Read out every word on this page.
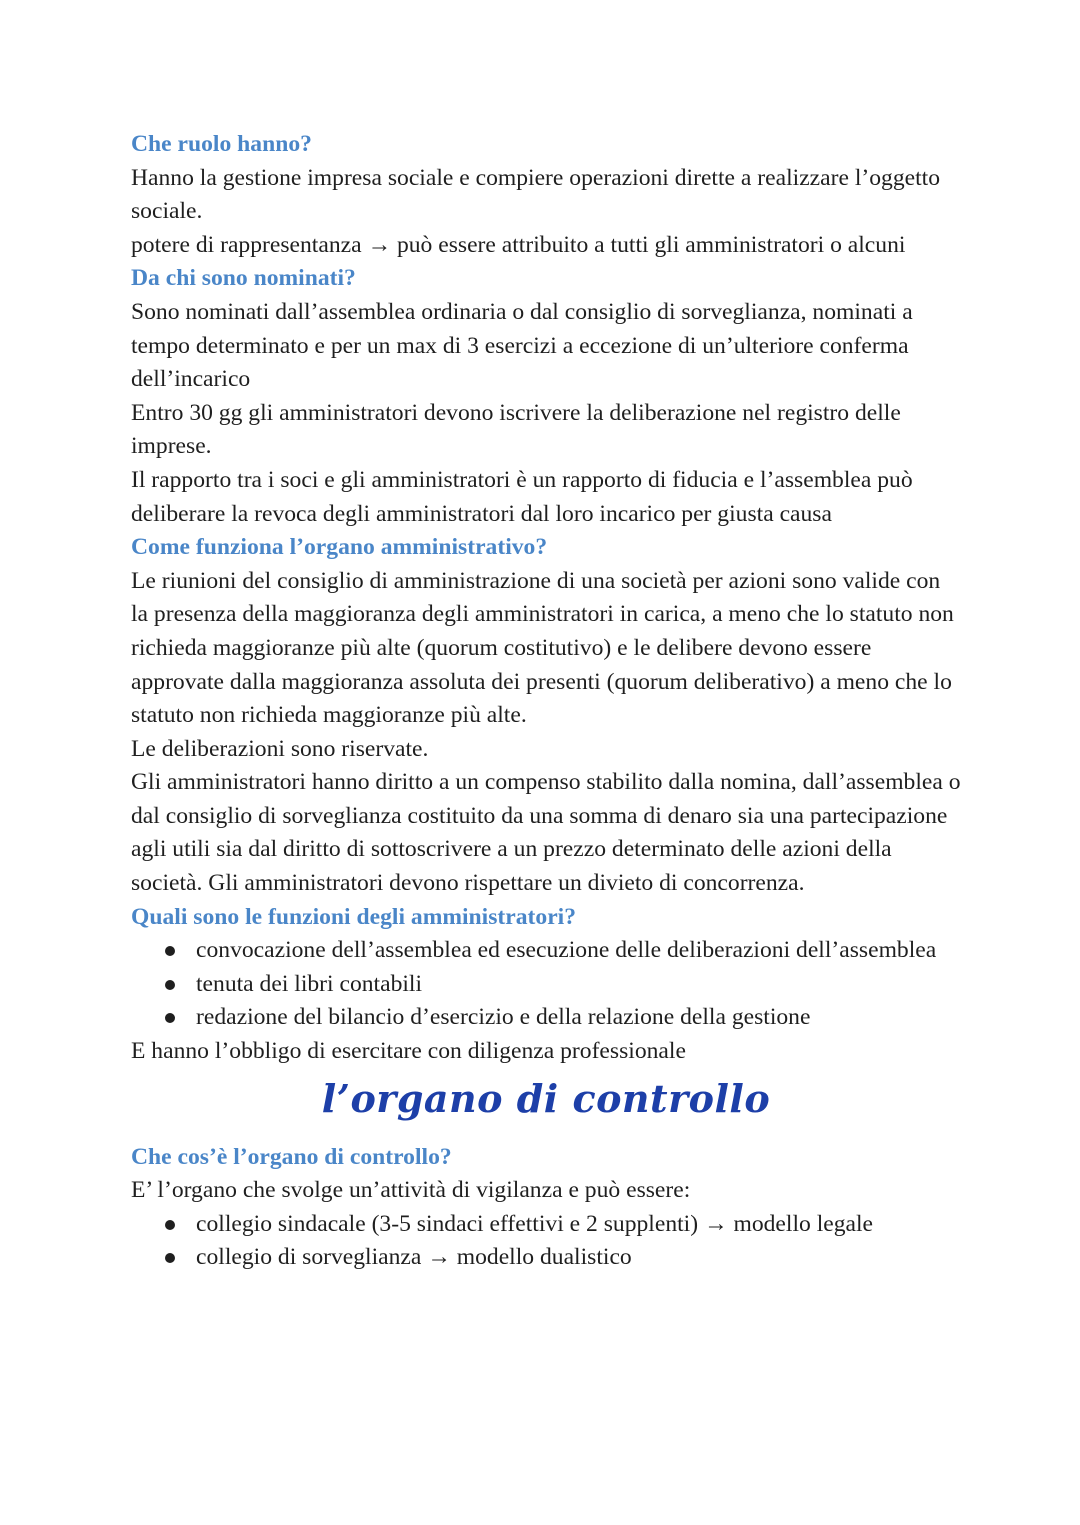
Che ruolo hanno?

Hanno la gestione impresa sociale e compiere operazioni dirette a realizzare l’oggetto sociale.

potere di rappresentanza → può essere attribuito a tutti gli amministratori o alcuni

Da chi sono nominati?

Sono nominati dall’assemblea ordinaria o dal consiglio di sorveglianza, nominati a tempo determinato e per un max di 3 esercizi a eccezione di un’ulteriore conferma dell’incarico

Entro 30 gg gli amministratori devono iscrivere la deliberazione nel registro delle imprese.

Il rapporto tra i soci e gli amministratori è un rapporto di fiducia e l’assemblea può deliberare la revoca degli amministratori dal loro incarico per giusta causa

Come funziona l’organo amministrativo?

Le riunioni del consiglio di amministrazione di una società per azioni sono valide con la presenza della maggioranza degli amministratori in carica, a meno che lo statuto non richieda maggioranze più alte (quorum costitutivo) e le delibere devono essere approvate dalla maggioranza assoluta dei presenti (quorum deliberativo) a meno che lo statuto non richieda maggioranze più alte.

Le deliberazioni sono riservate.

Gli amministratori hanno diritto a un compenso stabilito dalla nomina, dall’assemblea o dal consiglio di sorveglianza costituito da una somma di denaro sia una partecipazione agli utili sia dal diritto di sottoscrivere a un prezzo determinato delle azioni della società. Gli amministratori devono rispettare un divieto di concorrenza.

Quali sono le funzioni degli amministratori?

convocazione dell’assemblea ed esecuzione delle deliberazioni dell’assemblea
tenuta dei libri contabili
redazione del bilancio d’esercizio e della relazione della gestione

E hanno l’obbligo di esercitare con diligenza professionale

l’organo di controllo

Che cos’è l’organo di controllo?

E’ l’organo che svolge un’attività di vigilanza e può essere:

collegio sindacale (3-5 sindaci effettivi e 2 supplenti) → modello legale
collegio di sorveglianza → modello dualistico
